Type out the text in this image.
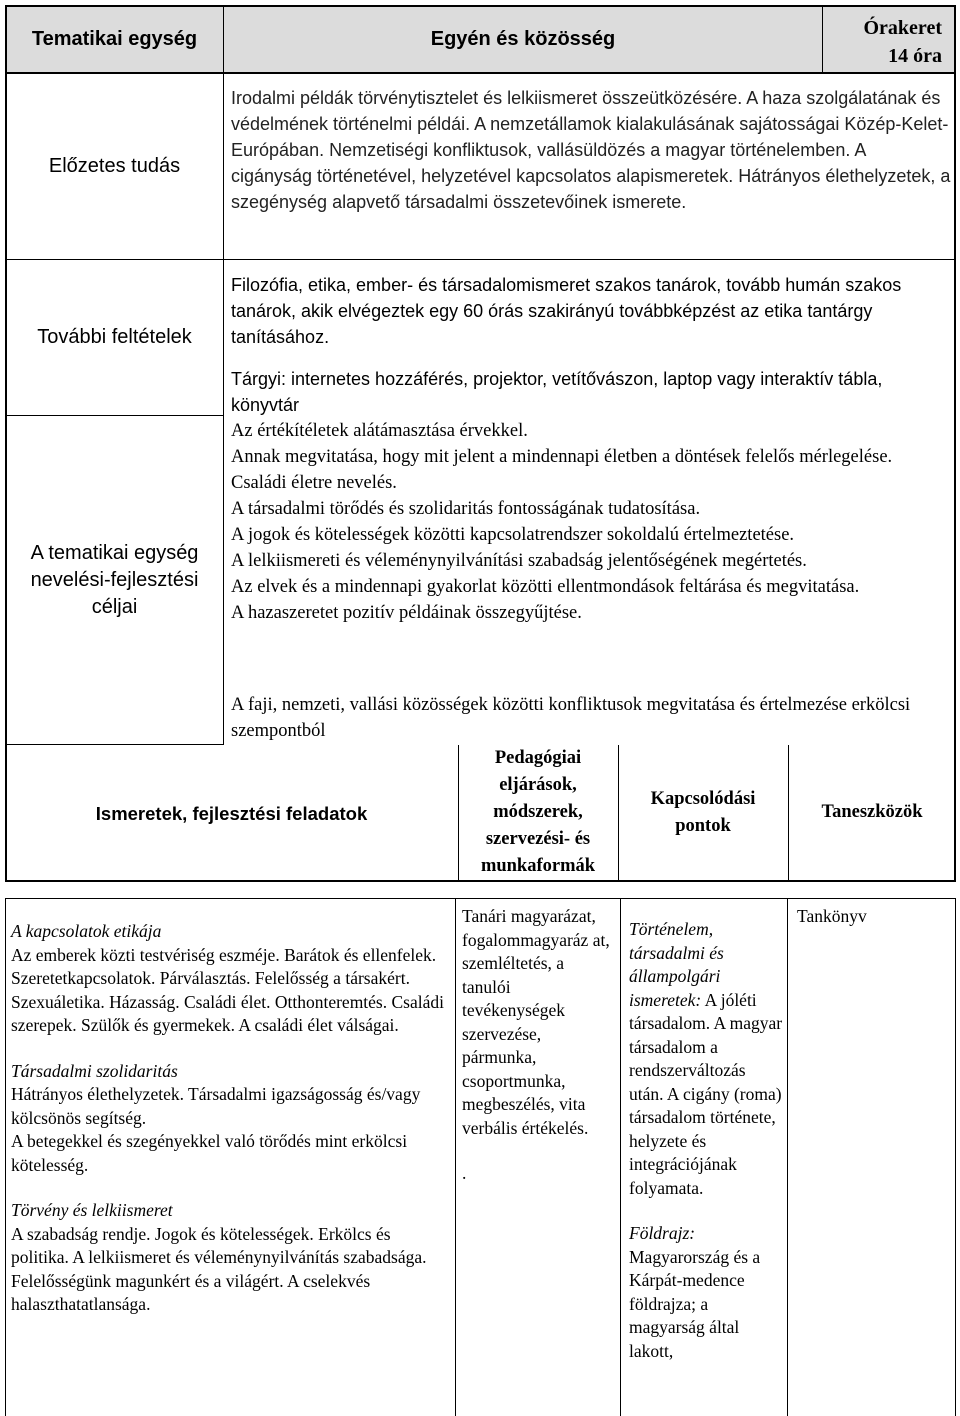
Tematikai egység	Egyén és közösség	Órakeret
14 óra
Előzetes tudás
További feltételek
A tematikai egység nevelési-fejlesztési céljai
Irodalmi példák törvénytisztelet és lelkiismeret összeütközésére. A haza szolgálatának és védelmének történelmi példái. A nemzetállamok kialakulásának sajátosságai Közép-Kelet-Európában. Nemzetiségi konfliktusok, vallásüldözés a magyar történelemben. A cigányság történetével, helyzetével kapcsolatos alapismeretek. Hátrányos élethelyzetek, a szegénység alapvető társadalmi összetevőinek ismerete.
Filozófia, etika, ember- és társadalomismeret szakos tanárok, tovább humán szakos tanárok, akik elvégeztek egy 60 órás szakirányú továbbképzést az etika tantárgy tanításához.
Tárgyi: internetes hozzáférés, projektor, vetítővászon, laptop vagy interaktív tábla, könyvtár

Az értékítéletek alátámasztása érvekkel.

Annak megvitatása, hogy mit jelent a mindennapi életben a döntések felelős mérlegelése.

Családi életre nevelés.

A társadalmi törődés és szolidaritás fontosságának tudatosítása.

A jogok és kötelességek közötti kapcsolatrendszer sokoldalú értelmeztetése.

A lelkiismereti és véleménynyilvánítási szabadság jelentőségének megértetés.

Az elvek és a mindennapi gyakorlat közötti ellentmondások feltárása és megvitatása.

A hazaszeretet pozitív példáinak összegyűjtése.

A faji, nemzeti, vallási közösségek közötti konfliktusok megvitatása és értelmezése erkölcsi szempontból
Ismeretek, fejlesztési feladatok
Pedagógiai eljárások, módszerek, szervezési- és munkaformák
Kapcsolódási pontok
Taneszközök
A kapcsolatok etikája
Az emberek közti testvériség eszméje. Barátok és ellenfelek. Szeretetkapcsolatok. Párválasztás. Felelősség a társakért. Szexuáletika. Házasság. Családi élet. Otthonteremtés. Családi szerepek. Szülők és gyermekek. A családi élet válságai.
Társadalmi szolidaritás
Hátrányos élethelyzetek. Társadalmi igazságosság és/vagy kölcsönös segítség.
A betegekkel és szegényekkel való törődés mint erkölcsi kötelesség.
Törvény és lelkiismeret
A szabadság rendje. Jogok és kötelességek. Erkölcs és politika. A lelkiismeret és véleménynyilvánítás szabadsága. Felelősségünk magunkért és a világért. A cselekvés halaszthatatlansága.
Tanári magyarázat, fogalommagyaráz at, szemléltetés, a tanulói tevékenységek szervezése, pármunka, csoportmunka, megbeszélés, vita verbális értékelés.
.
Történelem, társadalmi és állampolgári ismeretek: A jóléti társadalom. A magyar társadalom a rendszerváltozás után. A cigány (roma) társadalom története, helyzete és integrációjának folyamata.
Földrajz:
Magyarország és a Kárpát-medence földrajza; a magyarság által lakott,
Tankönyv
